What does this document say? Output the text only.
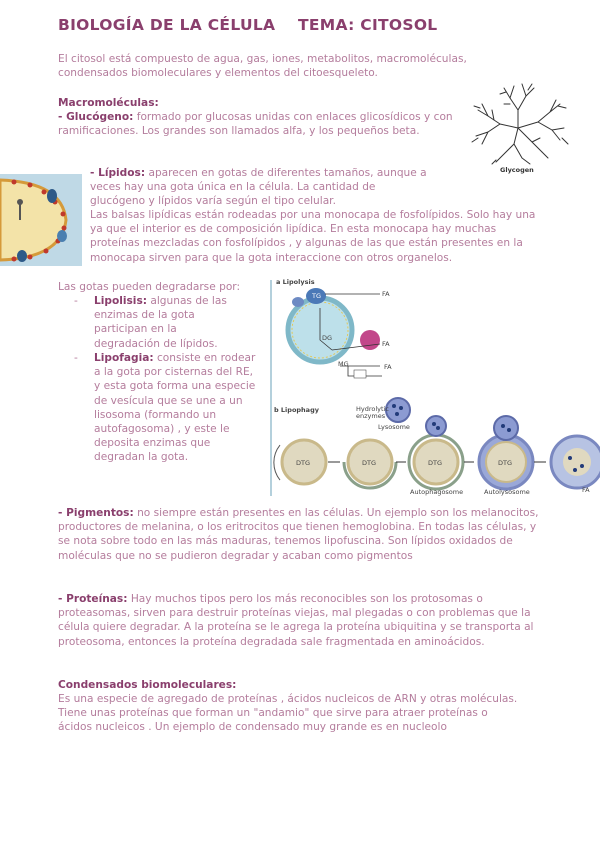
BIOLOGÍA DE LA CÉLULA TEMA: CITOSOL
El citosol está compuesto de agua, gas, iones, metabolitos, macromoléculas, condensados biomoleculares y elementos del citoesqueleto.
Macromoléculas:
- Glucógeno: formado por glucosas unidas con enlaces glicosídicos y con ramificaciones. Los grandes son llamados alfa, y los pequeños beta.
Glycogen
- Lípidos: aparecen en gotas de diferentes tamaños, aunque a veces hay una gota única en la célula. La cantidad de glucógeno y lípidos varía según el tipo celular.
Las balsas lipídicas están rodeadas por una monocapa de fosfolípidos. Solo hay una ya que el interior es de composición lipídica. En esta monocapa hay muchas proteínas mezcladas con fosfolípidos , y algunas de las que están presentes en la monocapa sirven para que la gota interaccione con otros organelos.
Las gotas pueden degradarse por:
- Lipolisis: algunas de las enzimas de la gota participan en la degradación de lípidos.
- Lipofagia: consiste en rodear a la gota por cisternas del RE, y esta gota forma una especie de vesícula que se une a un lisosoma (formando un autofagosoma) , y este le deposita enzimas que degradan la gota.
a Lipolysis
FA
TG
DG
MG
FA
FA
b Lipophagy	Hydrolytic enzymes
Lysosome
DTG	DTG	DTG	DTG
Autophagosome	Autolysosome	FA
- Pigmentos: no siempre están presentes en las células. Un ejemplo son los melanocitos, productores de melanina, o los eritrocitos que tienen hemoglobina. En todas las células, y se nota sobre todo en las más maduras, tenemos lipofuscina. Son lípidos oxidados de moléculas que no se pudieron degradar y acaban como pigmentos
- Proteínas: Hay muchos tipos pero los más reconocibles son los protosomas o proteasomas, sirven para destruir proteínas viejas, mal plegadas o con problemas que la célula quiere degradar. A la proteína se le agrega la proteína ubiquitina y se transporta al proteosoma, entonces la proteína degradada sale fragmentada en aminoácidos.
Condensados biomoleculares:
Es una especie de agregado de proteínas , ácidos nucleicos de ARN y otras moléculas. Tiene unas proteínas que forman un "andamio" que sirve para atraer proteínas o ácidos nucleicos . Un ejemplo de condensado muy grande es en nucleolo
